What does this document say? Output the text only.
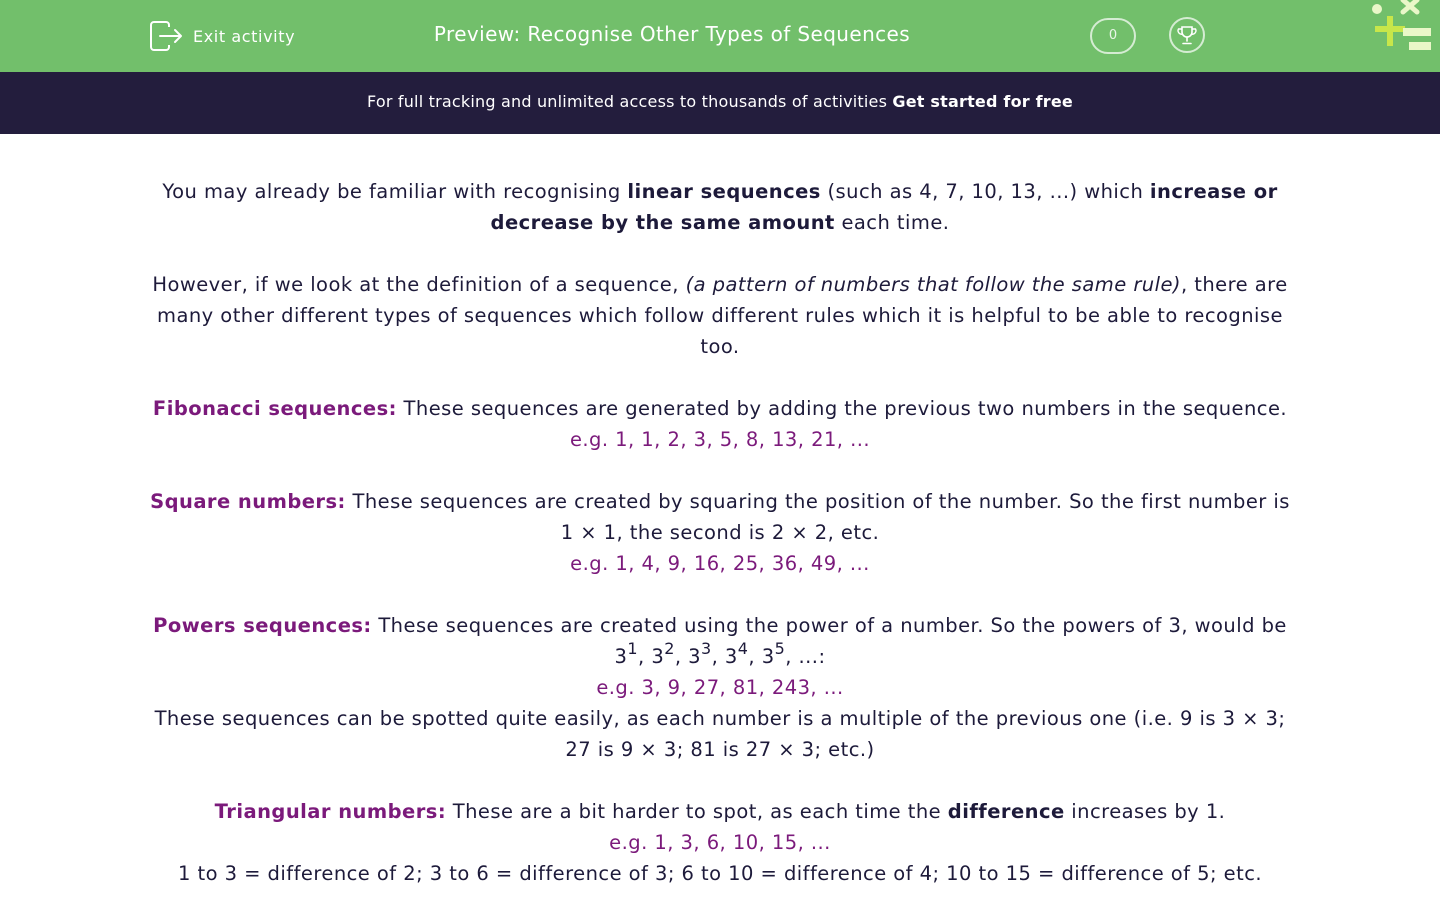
Exit activity	Preview: Recognise Other Types of Sequences	0
For full tracking and unlimited access to thousands of activities Get started for free

You may already be familiar with recognising linear sequences (such as 4, 7, 10, 13, ...) which increase or decrease by the same amount each time.

However, if we look at the definition of a sequence, (a pattern of numbers that follow the same rule), there are many other different types of sequences which follow different rules which it is helpful to be able to recognise too.

Fibonacci sequences: These sequences are generated by adding the previous two numbers in the sequence.

e.g. 1, 1, 2, 3, 5, 8, 13, 21, ...

Square numbers: These sequences are created by squaring the position of the number. So the first number is 1 × 1, the second is 2 × 2, etc.

e.g. 1, 4, 9, 16, 25, 36, 49, ...

Powers sequences: These sequences are created using the power of a number. So the powers of 3, would be $3^1$, $3^2$, $3^3$, $3^4$, $3^5$, ...:

e.g. 3, 9, 27, 81, 243, ...

These sequences can be spotted quite easily, as each number is a multiple of the previous one (i.e. 9 is 3 × 3; 27 is 9 × 3; 81 is 27 × 3; etc.)

Triangular numbers: These are a bit harder to spot, as each time the difference increases by 1.

e.g. 1, 3, 6, 10, 15, ...

1 to 3 = difference of 2; 3 to 6 = difference of 3; 6 to 10 = difference of 4; 10 to 15 = difference of 5; etc.
